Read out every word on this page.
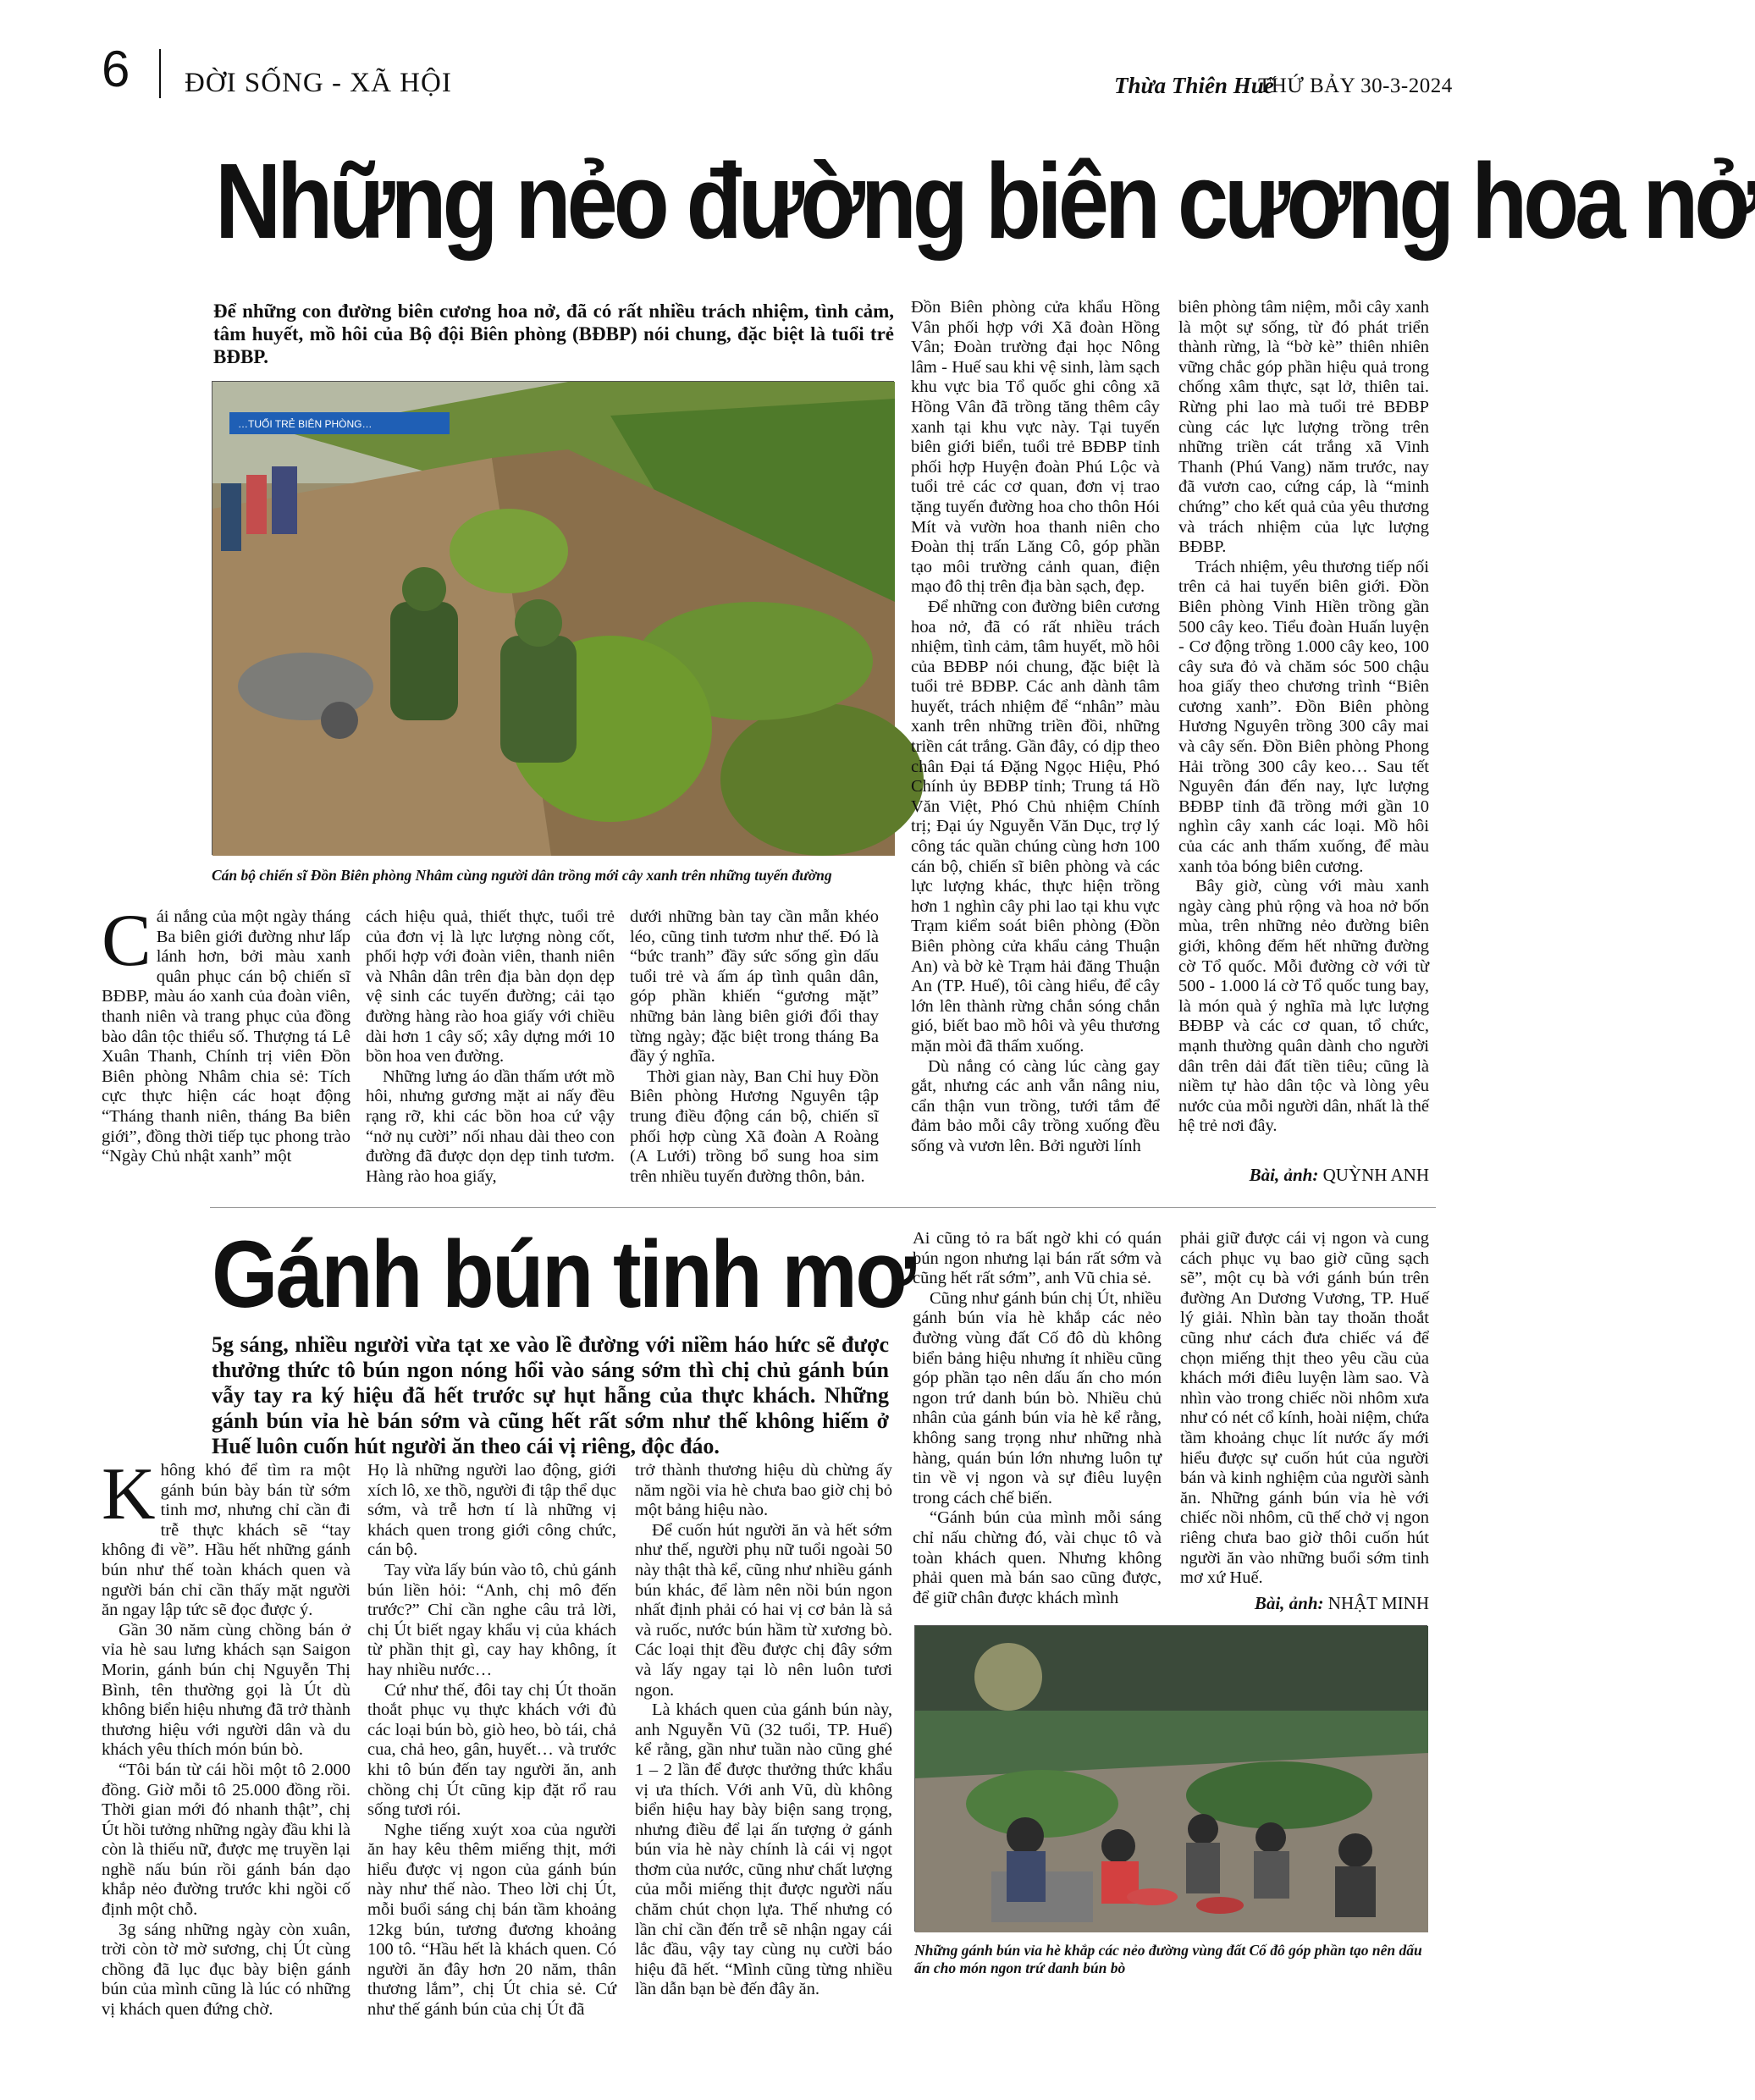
6 ĐỜI SỐNG - XÃ HỘI	Thừa Thiên Huế
THỨ BẢY 30-3-2024
Những nẻo đường biên cương hoa nở
Để những con đường biên cương hoa nở, đã có rất nhiều trách nhiệm, tình cảm, tâm huyết, mồ hôi của Bộ đội Biên phòng (BĐBP) nói chung, đặc biệt là tuổi trẻ BĐBP.
…TUỔI TRẺ BIÊN PHÒNG…
Cán bộ chiến sĩ Đồn Biên phòng Nhâm cùng người dân trồng mới cây xanh trên những tuyến đường

Cái nắng của một ngày tháng Ba biên giới đường như lấp lánh hơn, bởi màu xanh quân phục cán bộ chiến sĩ BĐBP, màu áo xanh của đoàn viên, thanh niên và trang phục của đồng bào dân tộc thiểu số. Thượng tá Lê Xuân Thanh, Chính trị viên Đồn Biên phòng Nhâm chia sẻ: Tích cực thực hiện các hoạt động “Tháng thanh niên, tháng Ba biên giới”, đồng thời tiếp tục phong trào “Ngày Chủ nhật xanh” một

cách hiệu quả, thiết thực, tuổi trẻ của đơn vị là lực lượng nòng cốt, phối hợp với đoàn viên, thanh niên và Nhân dân trên địa bàn dọn dẹp vệ sinh các tuyến đường; cải tạo đường hàng rào hoa giấy với chiều dài hơn 1 cây số; xây dựng mới 10 bồn hoa ven đường.

Những lưng áo dần thấm ướt mồ hôi, nhưng gương mặt ai nấy đều rạng rỡ, khi các bồn hoa cứ vậy “nở nụ cười” nối nhau dài theo con đường đã được dọn dẹp tinh tươm. Hàng rào hoa giấy,

dưới những bàn tay cần mẫn khéo léo, cũng tinh tươm như thế. Đó là “bức tranh” đầy sức sống gìn dấu tuổi trẻ và ấm áp tình quân dân, góp phần khiến “gương mặt” những bản làng biên giới đổi thay từng ngày; đặc biệt trong tháng Ba đầy ý nghĩa.

Thời gian này, Ban Chỉ huy Đồn Biên phòng Hương Nguyên tập trung điều động cán bộ, chiến sĩ phối hợp cùng Xã đoàn A Roàng (A Lưới) trồng bổ sung hoa sim trên nhiều tuyến đường thôn, bản.

Đồn Biên phòng cửa khẩu Hồng Vân phối hợp với Xã đoàn Hồng Vân; Đoàn trường đại học Nông lâm - Huế sau khi vệ sinh, làm sạch khu vực bia Tổ quốc ghi công xã Hồng Vân đã trồng tăng thêm cây xanh tại khu vực này. Tại tuyến biên giới biển, tuổi trẻ BĐBP tỉnh phối hợp Huyện đoàn Phú Lộc và tuổi trẻ các cơ quan, đơn vị trao tặng tuyến đường hoa cho thôn Hói Mít và vườn hoa thanh niên cho Đoàn thị trấn Lăng Cô, góp phần tạo môi trường cảnh quan, điện mạo đô thị trên địa bàn sạch, đẹp.

Để những con đường biên cương hoa nở, đã có rất nhiều trách nhiệm, tình cảm, tâm huyết, mồ hôi của BĐBP nói chung, đặc biệt là tuổi trẻ BĐBP. Các anh dành tâm huyết, trách nhiệm để “nhân” màu xanh trên những triền đồi, những triền cát trắng. Gần đây, có dịp theo chân Đại tá Đặng Ngọc Hiệu, Phó Chính ủy BĐBP tỉnh; Trung tá Hồ Văn Việt, Phó Chủ nhiệm Chính trị; Đại úy Nguyễn Văn Dục, trợ lý công tác quần chúng cùng hơn 100 cán bộ, chiến sĩ biên phòng và các lực lượng khác, thực hiện trồng hơn 1 nghìn cây phi lao tại khu vực Trạm kiểm soát biên phòng (Đồn Biên phòng cửa khẩu cảng Thuận An) và bờ kè Trạm hải đăng Thuận An (TP. Huế), tôi càng hiểu, để cây lớn lên thành rừng chắn sóng chắn gió, biết bao mồ hôi và yêu thương mặn mòi đã thấm xuống.

Dù nắng có càng lúc càng gay gắt, nhưng các anh vẫn nâng niu, cẩn thận vun trồng, tưới tắm để đảm bảo mỗi cây trồng xuống đều sống và vươn lên. Bởi người lính

biên phòng tâm niệm, mỗi cây xanh là một sự sống, từ đó phát triển thành rừng, là “bờ kè” thiên nhiên vững chắc góp phần hiệu quả trong chống xâm thực, sạt lở, thiên tai. Rừng phi lao mà tuổi trẻ BĐBP cùng các lực lượng trồng trên những triền cát trắng xã Vinh Thanh (Phú Vang) năm trước, nay đã vươn cao, cứng cáp, là “minh chứng” cho kết quả của yêu thương và trách nhiệm của lực lượng BĐBP.

Trách nhiệm, yêu thương tiếp nối trên cả hai tuyến biên giới. Đồn Biên phòng Vinh Hiền trồng gần 500 cây keo. Tiểu đoàn Huấn luyện - Cơ động trồng 1.000 cây keo, 100 cây sưa đỏ và chăm sóc 500 chậu hoa giấy theo chương trình “Biên cương xanh”. Đồn Biên phòng Hương Nguyên trồng 300 cây mai và cây sến. Đồn Biên phòng Phong Hải trồng 300 cây keo… Sau tết Nguyên đán đến nay, lực lượng BĐBP tỉnh đã trồng mới gần 10 nghìn cây xanh các loại. Mồ hôi của các anh thấm xuống, để màu xanh tỏa bóng biên cương.

Bây giờ, cùng với màu xanh ngày càng phủ rộng và hoa nở bốn mùa, trên những nẻo đường biên giới, không đếm hết những đường cờ Tổ quốc. Mỗi đường cờ với từ 500 - 1.000 lá cờ Tổ quốc tung bay, là món quà ý nghĩa mà lực lượng BĐBP và các cơ quan, tổ chức, mạnh thường quân dành cho người dân trên dải đất tiền tiêu; cũng là niềm tự hào dân tộc và lòng yêu nước của mỗi người dân, nhất là thế hệ trẻ nơi đây.

Bài, ảnh: QUỲNH ANH
Gánh bún tinh mơ
5g sáng, nhiều người vừa tạt xe vào lề đường với niềm háo hức sẽ được thưởng thức tô bún ngon nóng hổi vào sáng sớm thì chị chủ gánh bún vẫy tay ra ký hiệu đã hết trước sự hụt hẫng của thực khách. Những gánh bún vỉa hè bán sớm và cũng hết rất sớm như thế không hiếm ở Huế luôn cuốn hút người ăn theo cái vị riêng, độc đáo.

Không khó để tìm ra một gánh bún bày bán từ sớm tinh mơ, nhưng chỉ cần đi trễ thực khách sẽ “tay không đi về”. Hầu hết những gánh bún như thế toàn khách quen và người bán chỉ cần thấy mặt người ăn ngay lập tức sẽ đọc được ý.

Gần 30 năm cùng chồng bán ở vỉa hè sau lưng khách sạn Saigon Morin, gánh bún chị Nguyễn Thị Bình, tên thường gọi là Út dù không biển hiệu nhưng đã trở thành thương hiệu với người dân và du khách yêu thích món bún bò.

“Tôi bán từ cái hồi một tô 2.000 đồng. Giờ mỗi tô 25.000 đồng rồi. Thời gian mới đó nhanh thật”, chị Út hồi tưởng những ngày đầu khi là còn là thiếu nữ, được mẹ truyền lại nghề nấu bún rồi gánh bán dạo khắp nẻo đường trước khi ngồi cố định một chỗ.

3g sáng những ngày còn xuân, trời còn tờ mờ sương, chị Út cùng chồng đã lục đục bày biện gánh bún của mình cũng là lúc có những vị khách quen đứng chờ.

Họ là những người lao động, giới xích lô, xe thồ, người đi tập thể dục sớm, và trễ hơn tí là những vị khách quen trong giới công chức, cán bộ.

Tay vừa lấy bún vào tô, chủ gánh bún liền hỏi: “Anh, chị mô đến trước?” Chỉ cần nghe câu trả lời, chị Út biết ngay khẩu vị của khách từ phần thịt gì, cay hay không, ít hay nhiều nước…

Cứ như thế, đôi tay chị Út thoăn thoắt phục vụ thực khách với đủ các loại bún bò, giò heo, bò tái, chả cua, chả heo, gân, huyết… và trước khi tô bún đến tay người ăn, anh chồng chị Út cũng kịp đặt rổ rau sống tươi rói.

Nghe tiếng xuýt xoa của người ăn hay kêu thêm miếng thịt, mới hiểu được vị ngon của gánh bún này như thế nào. Theo lời chị Út, mỗi buổi sáng chị bán tầm khoảng 12kg bún, tương đương khoảng 100 tô. “Hầu hết là khách quen. Có người ăn đây hơn 20 năm, thân thương lắm”, chị Út chia sẻ. Cứ như thế gánh bún của chị Út đã

trở thành thương hiệu dù chừng ấy năm ngồi vỉa hè chưa bao giờ chị bỏ một bảng hiệu nào.

Để cuốn hút người ăn và hết sớm như thế, người phụ nữ tuổi ngoài 50 này thật thà kể, cũng như nhiều gánh bún khác, để làm nên nồi bún ngon nhất định phải có hai vị cơ bản là sả và ruốc, nước bún hầm từ xương bò. Các loại thịt đều được chị đây sớm và lấy ngay tại lò nên luôn tươi ngon.

Là khách quen của gánh bún này, anh Nguyễn Vũ (32 tuổi, TP. Huế) kể rằng, gần như tuần nào cũng ghé 1 – 2 lần để được thưởng thức khẩu vị ưa thích. Với anh Vũ, dù không biển hiệu hay bày biện sang trọng, nhưng điều để lại ấn tượng ở gánh bún vỉa hè này chính là cái vị ngọt thơm của nước, cũng như chất lượng của mỗi miếng thịt được người nấu chăm chút chọn lựa. Thế nhưng có lần chỉ cần đến trễ sẽ nhận ngay cái lắc đầu, vậy tay cùng nụ cười báo hiệu đã hết. “Mình cũng từng nhiều lần dẫn bạn bè đến đây ăn.

Ai cũng tỏ ra bất ngờ khi có quán bún ngon nhưng lại bán rất sớm và cũng hết rất sớm”, anh Vũ chia sẻ.

Cũng như gánh bún chị Út, nhiều gánh bún vỉa hè khắp các nẻo đường vùng đất Cố đô dù không biển bảng hiệu nhưng ít nhiều cũng góp phần tạo nên dấu ấn cho món ngon trứ danh bún bò. Nhiều chủ nhân của gánh bún vỉa hè kể rằng, không sang trọng như những nhà hàng, quán bún lớn nhưng luôn tự tin về vị ngon và sự điêu luyện trong cách chế biến.

“Gánh bún của mình mỗi sáng chỉ nấu chừng đó, vài chục tô và toàn khách quen. Nhưng không phải quen mà bán sao cũng được, để giữ chân được khách mình

phải giữ được cái vị ngon và cung cách phục vụ bao giờ cũng sạch sẽ”, một cụ bà với gánh bún trên đường An Dương Vương, TP. Huế lý giải. Nhìn bàn tay thoăn thoắt cũng như cách đưa chiếc vá để chọn miếng thịt theo yêu cầu của khách mới điêu luyện làm sao. Và nhìn vào trong chiếc nồi nhôm xưa như có nét cổ kính, hoài niệm, chứa tầm khoảng chục lít nước ấy mới hiểu được sự cuốn hút của người bán và kinh nghiệm của người sành ăn. Những gánh bún vỉa hè với chiếc nồi nhôm, cũ thế chở vị ngon riêng chưa bao giờ thôi cuốn hút người ăn vào những buổi sớm tinh mơ xứ Huế.

Bài, ảnh: NHẬT MINH
Những gánh bún vỉa hè khắp các nẻo đường vùng đất Cố đô góp phần tạo nên dấu ấn cho món ngon trứ danh bún bò
